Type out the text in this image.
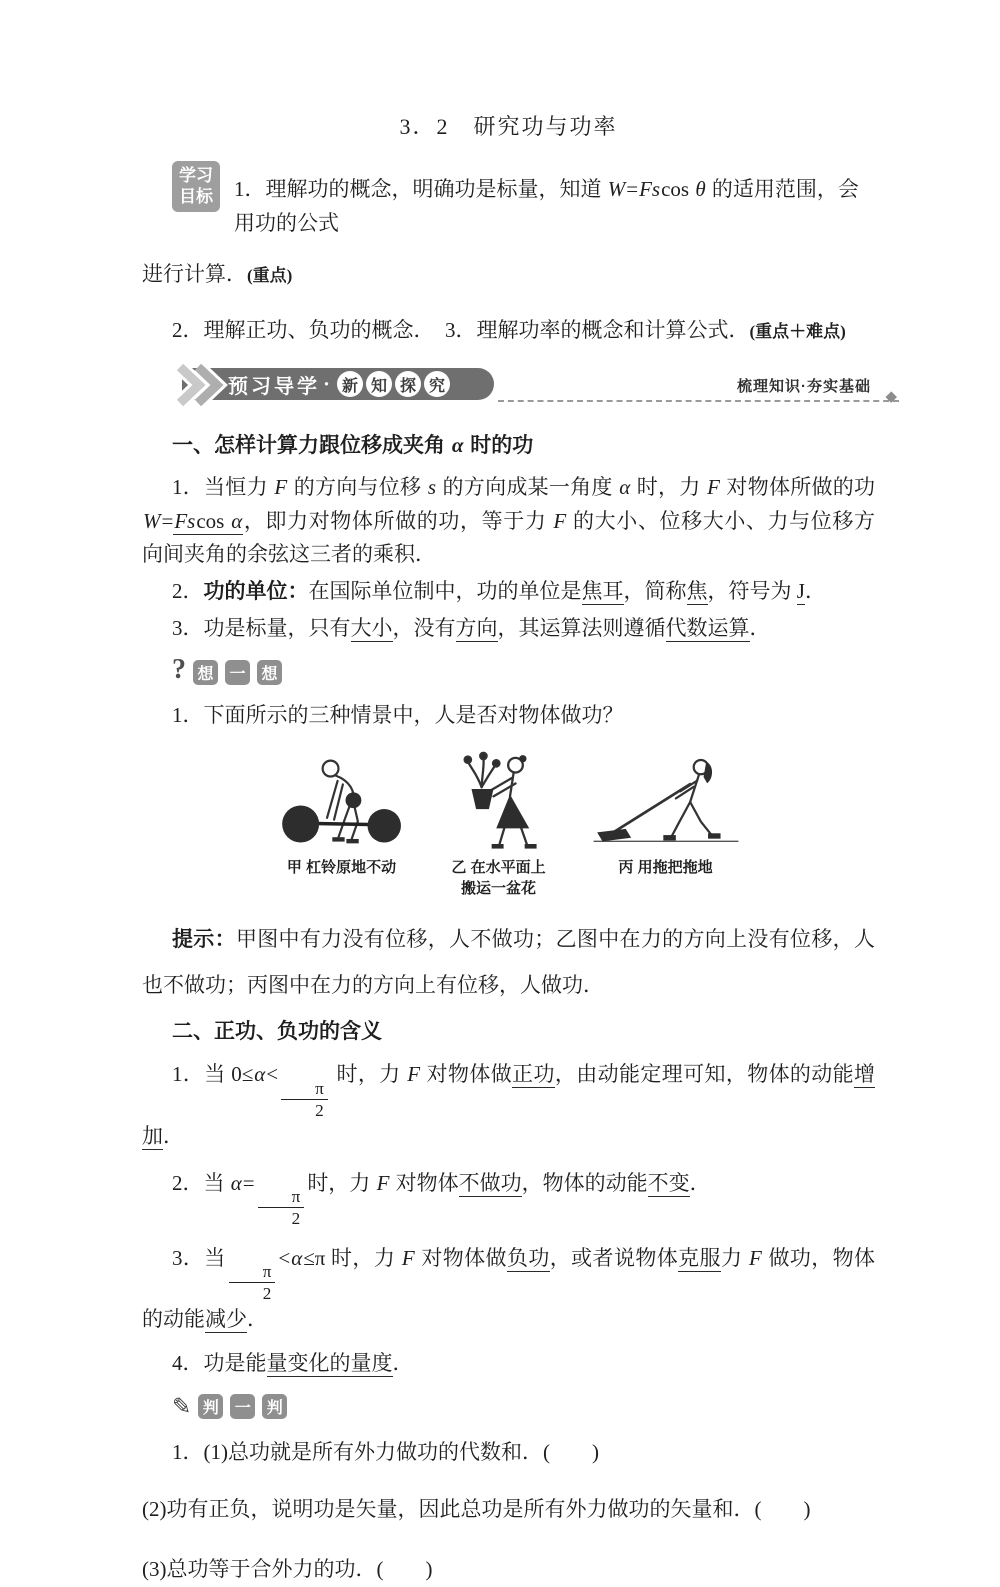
3．2　研究功与功率
学习
目标	1．理解功的概念，明确功是标量，知道 W=Fscos θ 的适用范围，会用功的公式

进行计算．(重点)

2．理解正功、负功的概念．　3．理解功率的概念和计算公式．(重点＋难点)

预习导学 · 新 知 探 究	梳理知识·夯实基础
◆
一、怎样计算力跟位移成夹角 α 时的功

1．当恒力 F 的方向与位移 s 的方向成某一角度 α 时，力 F 对物体所做的功 W=Fscos α，即力对物体所做的功，等于力 F 的大小、位移大小、力与位移方向间夹角的余弦这三者的乘积．

2．功的单位：在国际单位制中，功的单位是焦耳，简称焦，符号为 J．

3．功是标量，只有大小，没有方向，其运算法则遵循代数运算．

? 想 一 想

1．下面所示的三种情景中，人是否对物体做功？

甲 杠铃原地不动	乙 在水平面上
搬运一盆花
丙 用拖把拖地

提示：甲图中有力没有位移，人不做功；乙图中在力的方向上没有位移，人也不做功；丙图中在力的方向上有位移，人做功．

二、正功、负功的含义

1．当 0≤α<
$\frac{\pi}{2}$
时，力 F 对物体做正功，由动能定理可知，物体的动能增加．

2．当 α=
$\frac{\pi}{2}$
时，力 F 对物体不做功，物体的动能不变．

3．当
$\frac{\pi}{2}$
<α≤π 时，力 F 对物体做负功，或者说物体克服力 F 做功，物体的动能减少．

4．功是能量变化的量度．

✎ 判 一 判

1．(1)总功就是所有外力做功的代数和．(　　)

(2)功有正负，说明功是矢量，因此总功是所有外力做功的矢量和．(　　)

(3)总功等于合外力的功．(　　)
